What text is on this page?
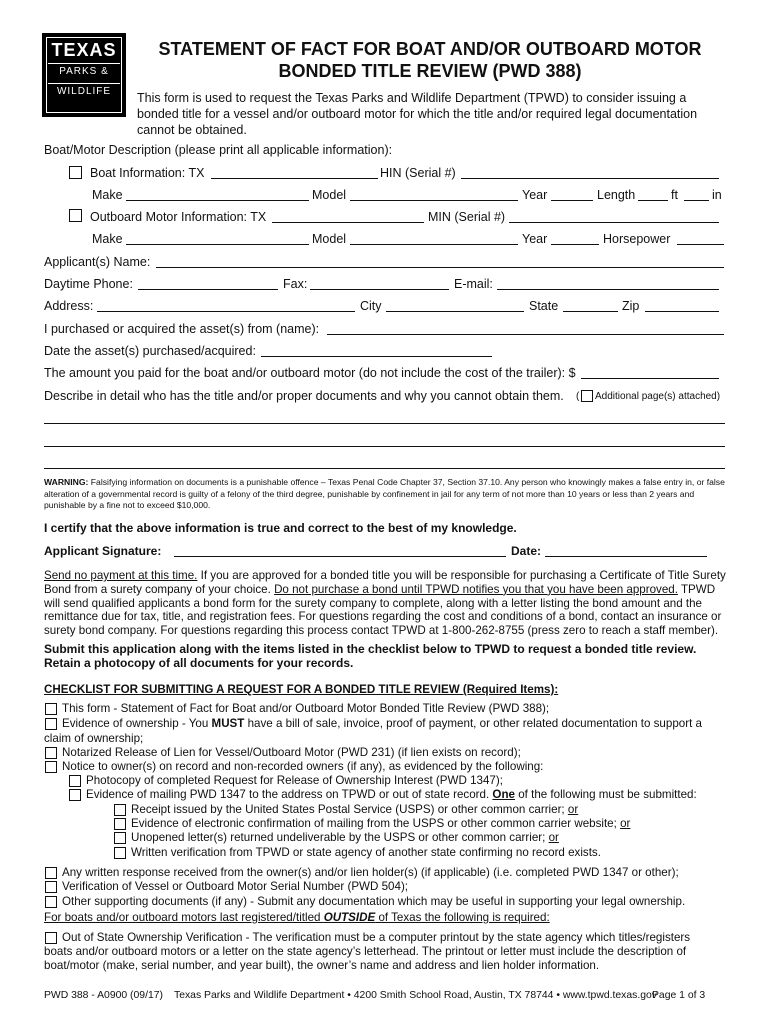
TEXAS
PARKS &
WILDLIFE
STATEMENT OF FACT FOR BOAT AND/OR OUTBOARD MOTOR
BONDED TITLE REVIEW (PWD 388)
This form is used to request the Texas Parks and Wildlife Department (TPWD) to consider issuing a bonded title for a vessel and/or outboard motor for which the title and/or required legal documentation cannot be obtained.
Boat/Motor Description (please print all applicable information):
Boat Information: TX	HIN (Serial #)
Make	Model	Year	Length	ft	in
Outboard Motor Information: TX	MIN (Serial #)
Make	Model	Year	Horsepower
Applicant(s) Name:
Daytime Phone:	Fax:	E-mail:
Address:	City	State	Zip
I purchased or acquired the asset(s) from (name):
Date the asset(s) purchased/acquired:
The amount you paid for the boat and/or outboard motor (do not include the cost of the trailer): $
Describe in detail who has the title and/or proper documents and why you cannot obtain them. ( Additional page(s) attached)
WARNING: Falsifying information on documents is a punishable offence – Texas Penal Code Chapter 37, Section 37.10. Any person who knowingly makes a false entry in, or false alteration of a governmental record is guilty of a felony of the third degree, punishable by confinement in jail for any term of not more than 10 years or less than 2 years and punishable by a fine not to exceed $10,000.
I certify that the above information is true and correct to the best of my knowledge.
Applicant Signature:	Date:
Send no payment at this time. If you are approved for a bonded title you will be responsible for purchasing a Certificate of Title Surety Bond from a surety company of your choice. Do not purchase a bond until TPWD notifies you that you have been approved. TPWD will send qualified applicants a bond form for the surety company to complete, along with a letter listing the bond amount and the remittance due for tax, title, and registration fees. For questions regarding the cost and conditions of a bond, contact an insurance or surety bond company. For questions regarding this process contact TPWD at 1-800-262-8755 (press zero to reach a staff member).
Submit this application along with the items listed in the checklist below to TPWD to request a bonded title review. Retain a photocopy of all documents for your records.
CHECKLIST FOR SUBMITTING A REQUEST FOR A BONDED TITLE REVIEW (Required Items):
This form - Statement of Fact for Boat and/or Outboard Motor Bonded Title Review (PWD 388);
Evidence of ownership - You MUST have a bill of sale, invoice, proof of payment, or other related documentation to support a
claim of ownership;
Notarized Release of Lien for Vessel/Outboard Motor (PWD 231) (if lien exists on record);
Notice to owner(s) on record and non-recorded owners (if any), as evidenced by the following:
Photocopy of completed Request for Release of Ownership Interest (PWD 1347);
Evidence of mailing PWD 1347 to the address on TPWD or out of state record. One of the following must be submitted:
Receipt issued by the United States Postal Service (USPS) or other common carrier; or
Evidence of electronic confirmation of mailing from the USPS or other common carrier website; or
Unopened letter(s) returned undeliverable by the USPS or other common carrier; or
Written verification from TPWD or state agency of another state confirming no record exists.
Any written response received from the owner(s) and/or lien holder(s) (if applicable) (i.e. completed PWD 1347 or other);
Verification of Vessel or Outboard Motor Serial Number (PWD 504);
Other supporting documents (if any) - Submit any documentation which may be useful in supporting your legal ownership.
For boats and/or outboard motors last registered/titled OUTSIDE of Texas the following is required:
Out of State Ownership Verification - The verification must be a computer printout by the state agency which titles/registers
boats and/or outboard motors or a letter on the state agency’s letterhead. The printout or letter must include the description of
boat/motor (make, serial number, and year built), the owner’s name and address and lien holder information.
PWD 388 - A0900 (09/17) Texas Parks and Wildlife Department • 4200 Smith School Road, Austin, TX 78744 • www.tpwd.texas.gov
Page 1 of 3
